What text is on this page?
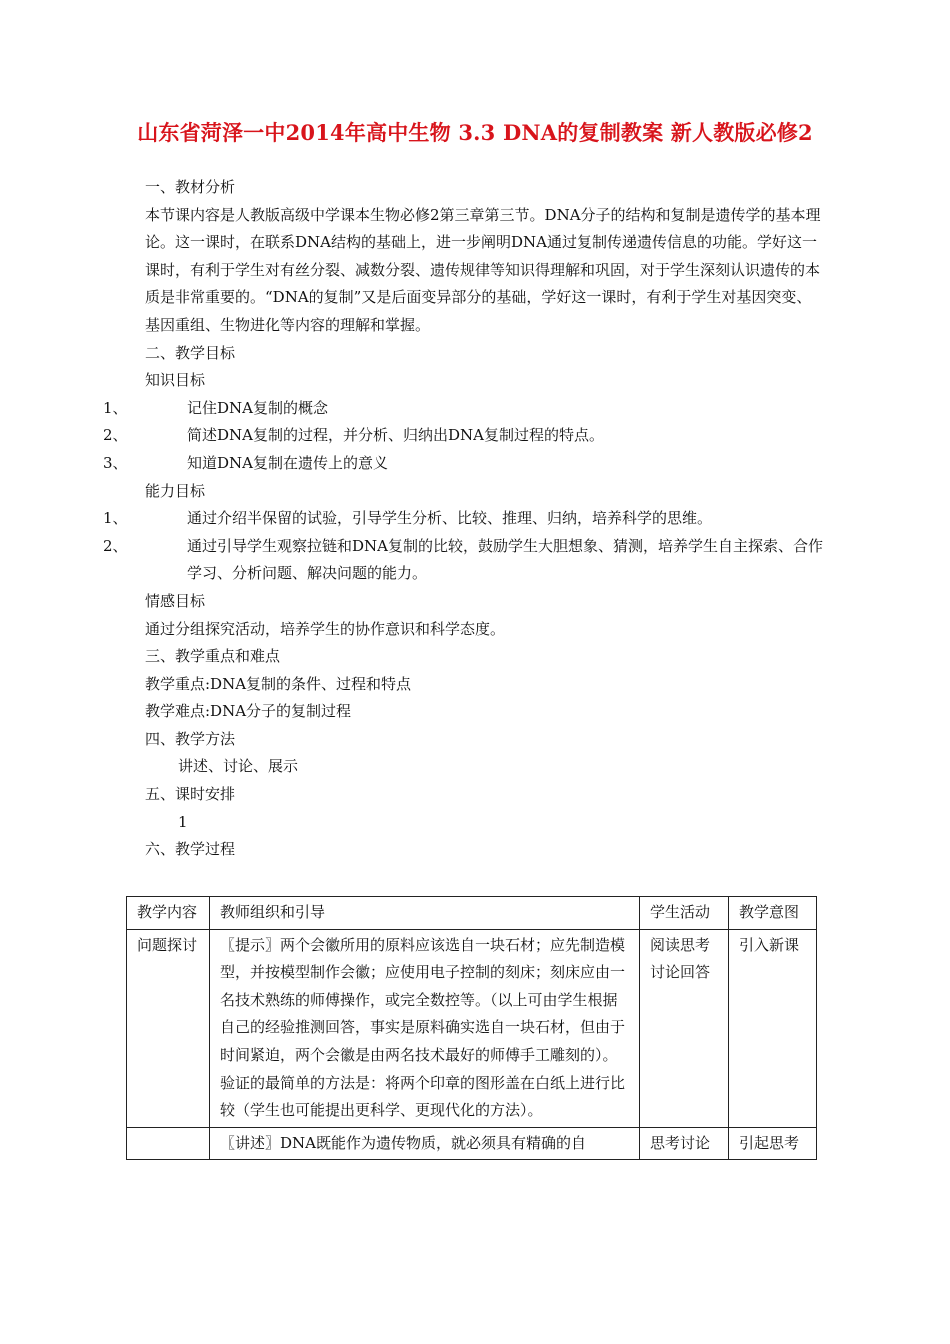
山东省菏泽一中2014年高中生物 3.3 DNA的复制教案 新人教版必修2

一、教材分析

本节课内容是人教版高级中学课本生物必修2第三章第三节。DNA分子的结构和复制是遗传学的基本理论。这一课时，在联系DNA结构的基础上，进一步阐明DNA通过复制传递遗传信息的功能。学好这一课时，有利于学生对有丝分裂、减数分裂、遗传规律等知识得理解和巩固，对于学生深刻认识遗传的本质是非常重要的。“DNA的复制”又是后面变异部分的基础，学好这一课时，有利于学生对基因突变、基因重组、生物进化等内容的理解和掌握。

二、教学目标

知识目标

1、	记住DNA复制的概念

2、	简述DNA复制的过程，并分析、归纳出DNA复制过程的特点。

3、	知道DNA复制在遗传上的意义

能力目标

1、	通过介绍半保留的试验，引导学生分析、比较、推理、归纳，培养科学的思维。

2、	通过引导学生观察拉链和DNA复制的比较，鼓励学生大胆想象、猜测，培养学生自主探索、合作学习、分析问题、解决问题的能力。

情感目标

通过分组探究活动，培养学生的协作意识和科学态度。

三、教学重点和难点

教学重点:DNA复制的条件、过程和特点

教学难点:DNA分子的复制过程

四、教学方法

讲述、讨论、展示

五、课时安排

1

六、教学过程

教学内容	教师组织和引导	学生活动	教学意图
问题探讨	〖提示〗两个会徽所用的原料应该选自一块石材；应先制造模型，并按模型制作会徽；应使用电子控制的刻床；刻床应由一名技术熟练的师傅操作，或完全数控等。（以上可由学生根据自己的经验推测回答，事实是原料确实选自一块石材，但由于时间紧迫，两个会徽是由两名技术最好的师傅手工雕刻的）。验证的最简单的方法是：将两个印章的图形盖在白纸上进行比较（学生也可能提出更科学、更现代化的方法）。	阅读思考讨论回答	引入新课
	〖讲述〗DNA既能作为遗传物质，就必须具有精确的自	思考讨论	引起思考
